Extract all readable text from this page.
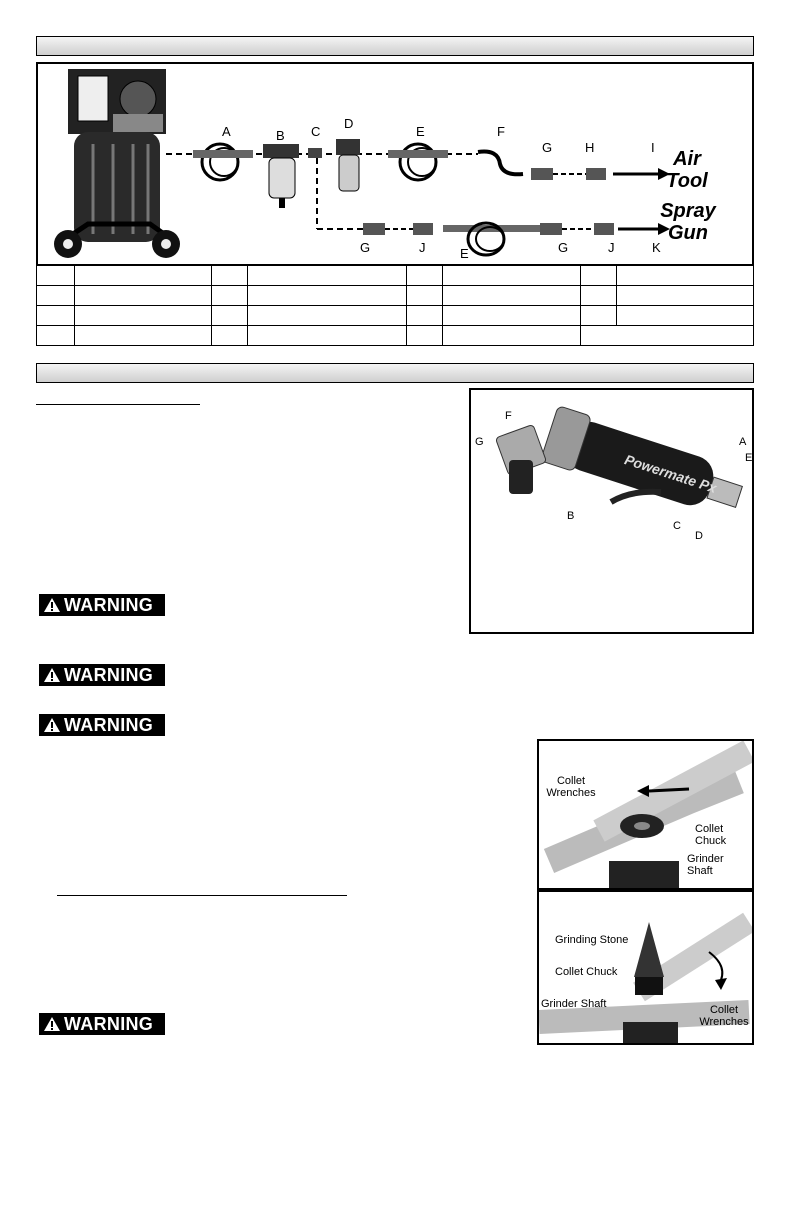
A	B C
D
E	F
G	H	I
Air Tool
Spray Gun
G	J	E	G	J	K

Powermate Px
F
G	A
E
B
C
D
WARNING
WARNING
WARNING
WARNING
Collet Wrenches
Collet Chuck
Grinder Shaft
Grinding Stone
Collet Chuck
Grinder Shaft	Collet Wrenches
